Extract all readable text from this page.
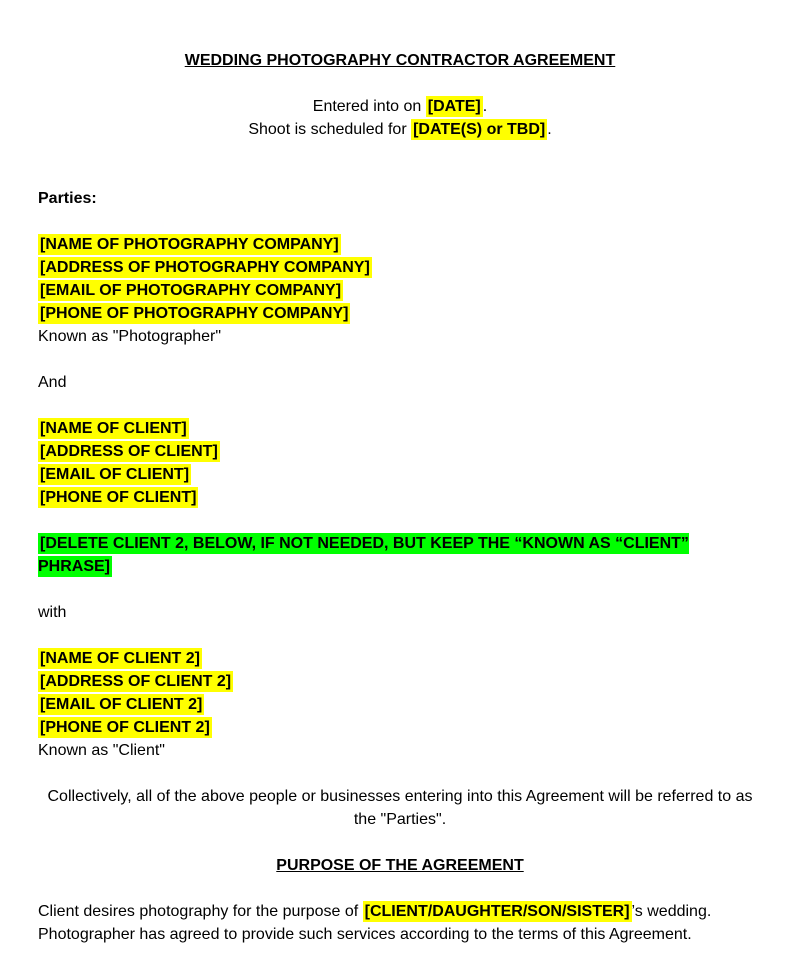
WEDDING PHOTOGRAPHY CONTRACTOR AGREEMENT

Entered into on [DATE] .

Shoot is scheduled for [DATE(S) or TBD] .

Parties:

[NAME OF PHOTOGRAPHY COMPANY]

[ADDRESS OF PHOTOGRAPHY COMPANY]

[EMAIL OF PHOTOGRAPHY COMPANY]

[PHONE OF PHOTOGRAPHY COMPANY]

Known as "Photographer"

And

[NAME OF CLIENT]

[ADDRESS OF CLIENT]

[EMAIL OF CLIENT]

[PHONE OF CLIENT]

[DELETE CLIENT 2, BELOW, IF NOT NEEDED, BUT KEEP THE “KNOWN AS “CLIENT” PHRASE]

with

[NAME OF CLIENT 2]

[ADDRESS OF CLIENT 2]

[EMAIL OF CLIENT 2]

[PHONE OF CLIENT 2]

Known as "Client"

Collectively, all of the above people or businesses entering into this Agreement will be referred to as the "Parties".

PURPOSE OF THE AGREEMENT

Client desires photography for the purpose of [CLIENT/DAUGHTER/SON/SISTER] ’s wedding. Photographer has agreed to provide such services according to the terms of this Agreement.
